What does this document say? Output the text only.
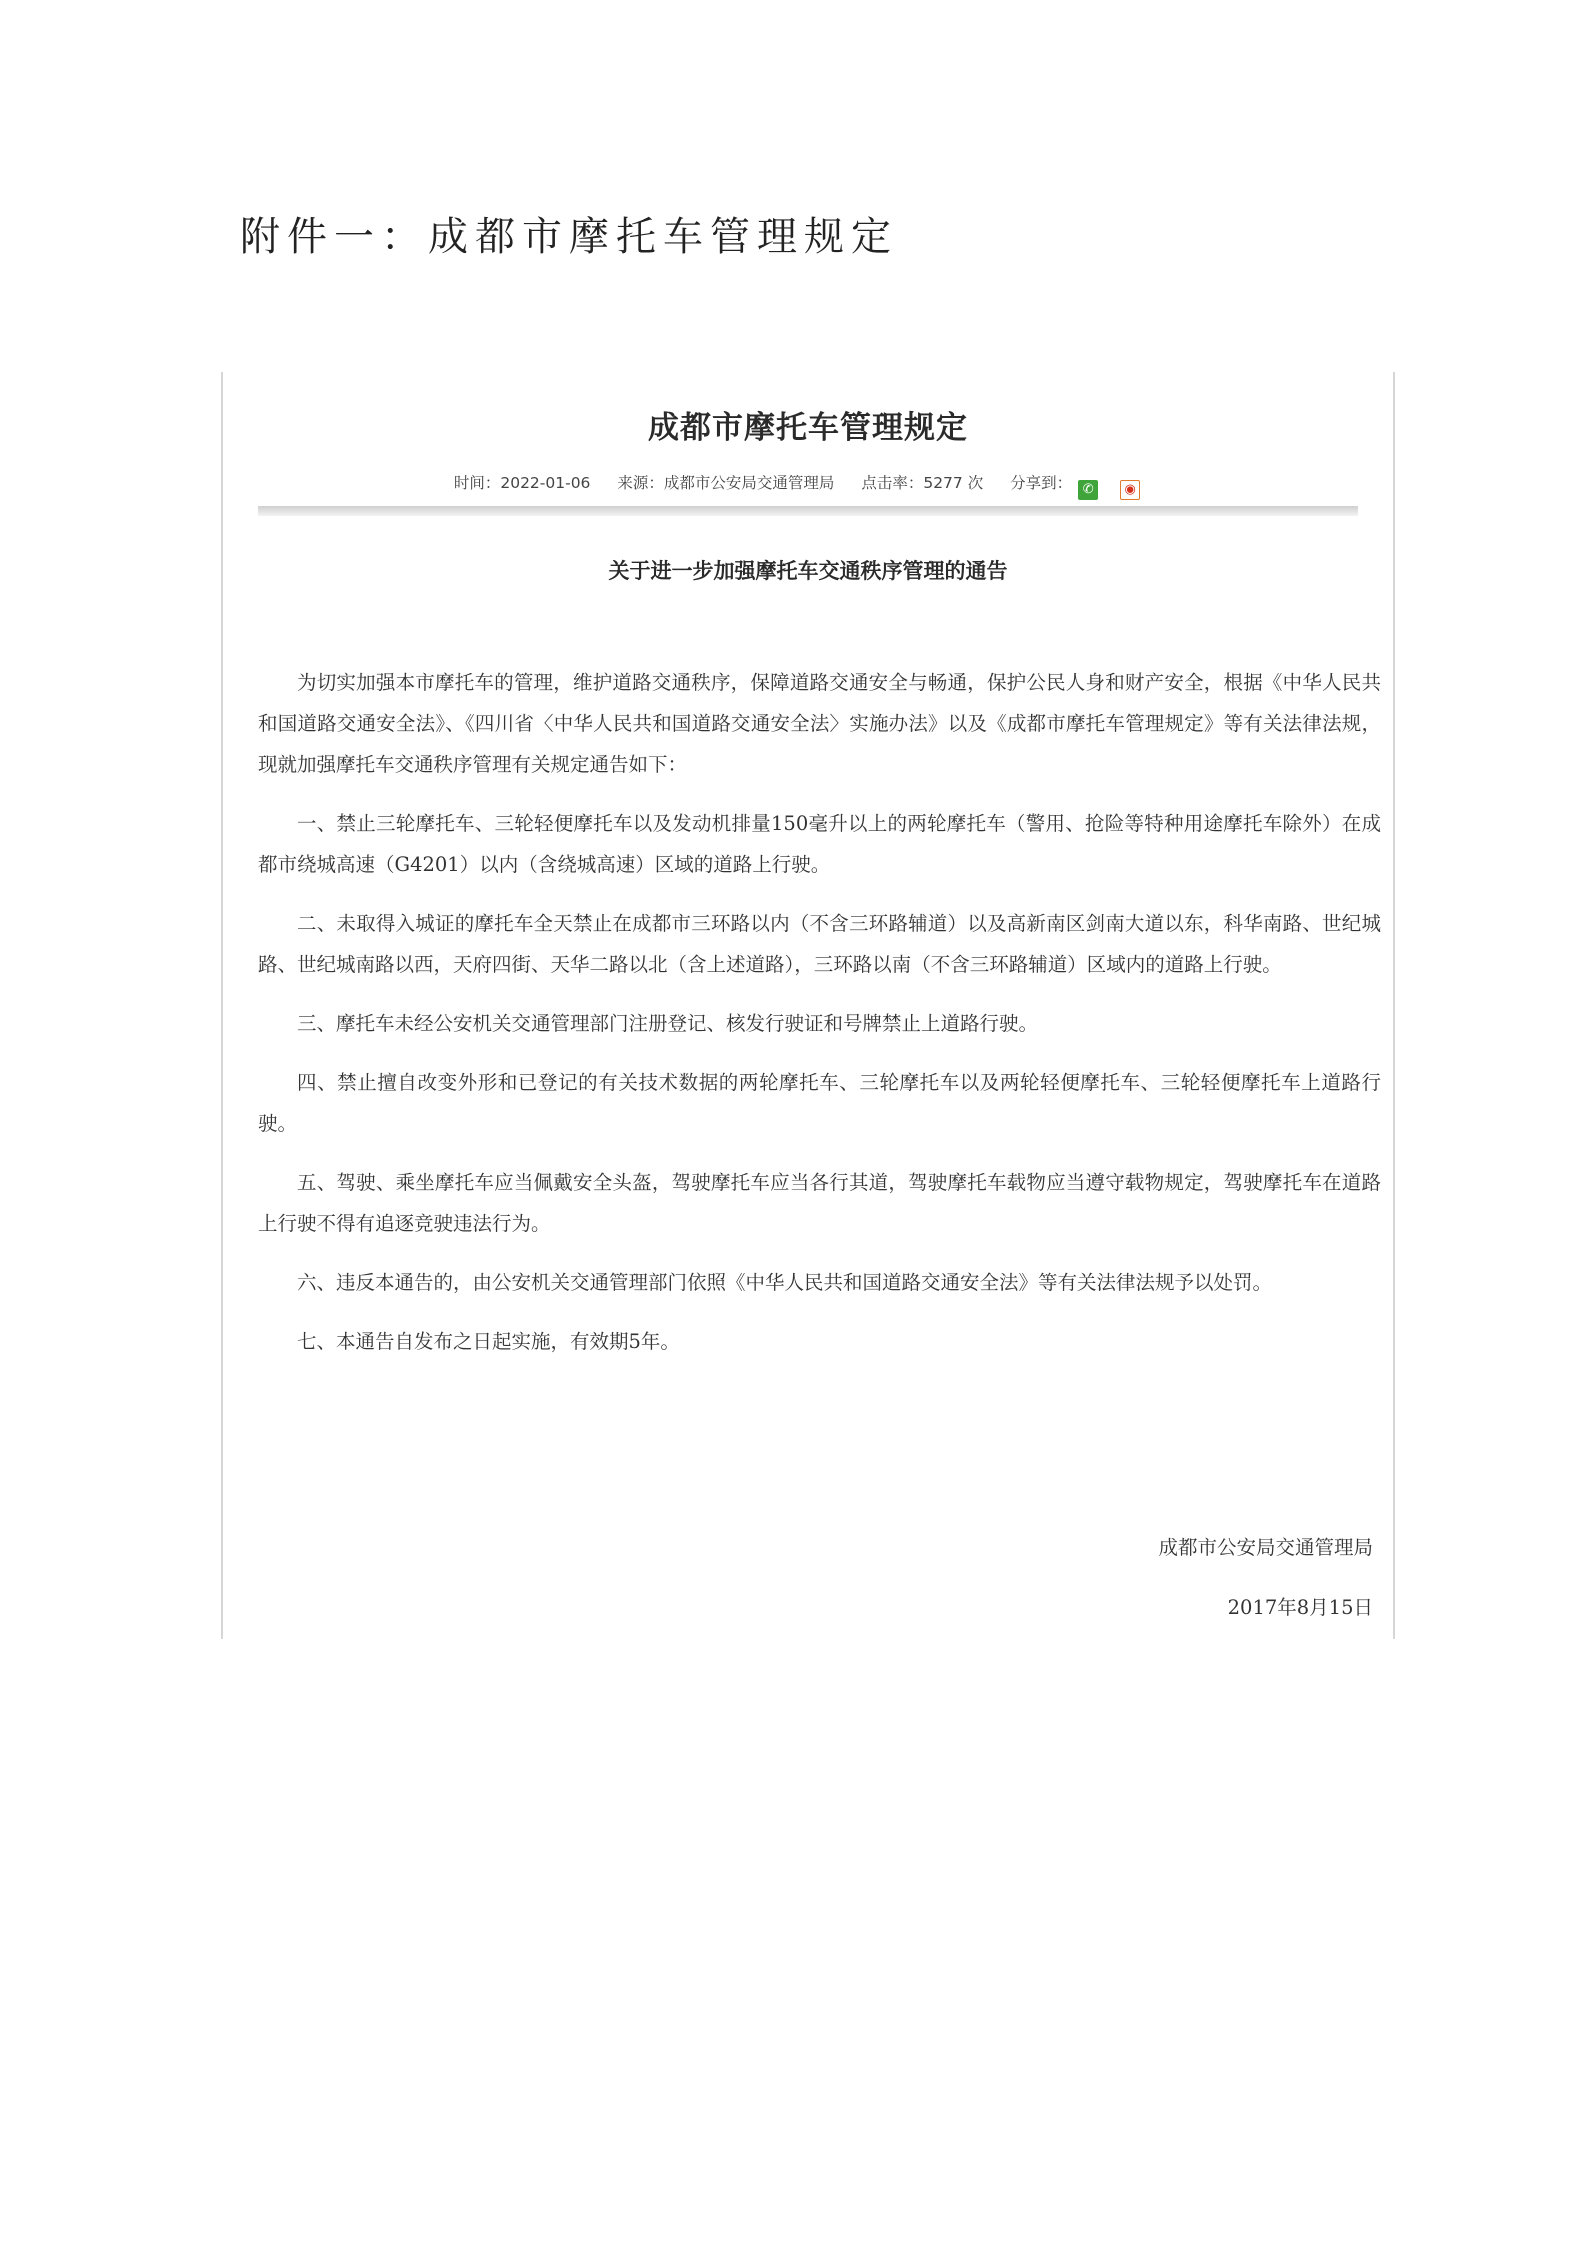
附件一：成都市摩托车管理规定
成都市摩托车管理规定
时间：2022-01-06 来源：成都市公安局交通管理局 点击率：5277 次 分享到： ✆ ◉
关于进一步加强摩托车交通秩序管理的通告

为切实加强本市摩托车的管理，维护道路交通秩序，保障道路交通安全与畅通，保护公民人身和财产安全，根据《中华人民共和国道路交通安全法》、《四川省〈中华人民共和国道路交通安全法〉实施办法》以及《成都市摩托车管理规定》等有关法律法规，现就加强摩托车交通秩序管理有关规定通告如下：

一、禁止三轮摩托车、三轮轻便摩托车以及发动机排量150毫升以上的两轮摩托车（警用、抢险等特种用途摩托车除外）在成都市绕城高速（G4201）以内（含绕城高速）区域的道路上行驶。

二、未取得入城证的摩托车全天禁止在成都市三环路以内（不含三环路辅道）以及高新南区剑南大道以东，科华南路、世纪城路、世纪城南路以西，天府四街、天华二路以北（含上述道路），三环路以南（不含三环路辅道）区域内的道路上行驶。

三、摩托车未经公安机关交通管理部门注册登记、核发行驶证和号牌禁止上道路行驶。

四、禁止擅自改变外形和已登记的有关技术数据的两轮摩托车、三轮摩托车以及两轮轻便摩托车、三轮轻便摩托车上道路行驶。

五、驾驶、乘坐摩托车应当佩戴安全头盔，驾驶摩托车应当各行其道，驾驶摩托车载物应当遵守载物规定，驾驶摩托车在道路上行驶不得有追逐竞驶违法行为。

六、违反本通告的，由公安机关交通管理部门依照《中华人民共和国道路交通安全法》等有关法律法规予以处罚。

七、本通告自发布之日起实施，有效期5年。

成都市公安局交通管理局
2017年8月15日
